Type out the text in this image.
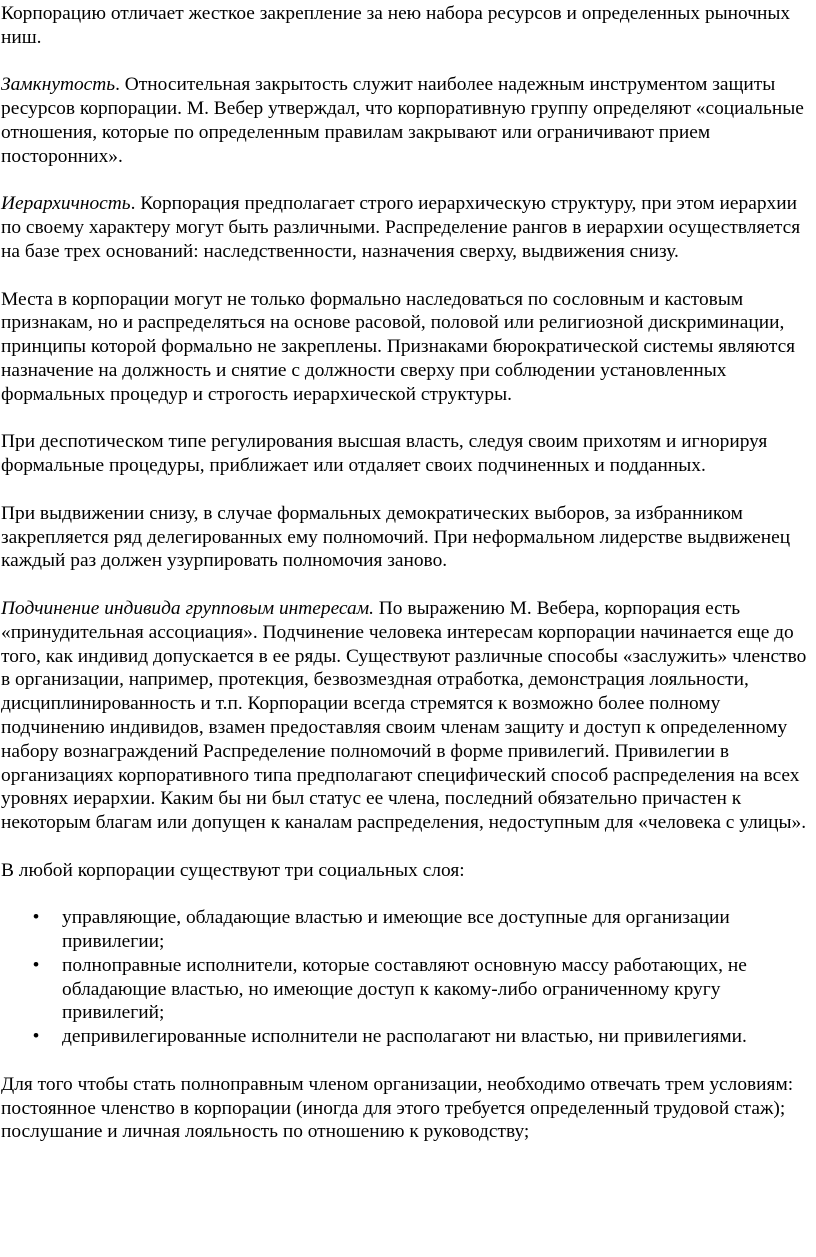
Корпорацию отличает жесткое закрепление за нею набора ресурсов и определенных рыночных ниш.

Замкнутость. Относительная закрытость служит наиболее надежным инструментом защиты ресурсов корпорации. М. Вебер утверждал, что корпоративную группу определяют «социальные отношения, которые по определенным правилам закрывают или ограничивают прием посторонних».

Иерархичность. Корпорация предполагает строго иерархическую структуру, при этом иерархии по своему характеру могут быть различными. Распределение рангов в иерархии осуществляется на базе трех оснований: наследственности, назначения сверху, выдвижения снизу.

Места в корпорации могут не только формально наследоваться по сословным и кастовым признакам, но и распределяться на основе расовой, половой или религиозной дискриминации, принципы которой формально не закреплены. Признаками бюрократической системы являются назначение на должность и снятие с должности сверху при соблюдении установленных формальных процедур и строгость иерархической структуры.

При деспотическом типе регулирования высшая власть, следуя своим прихотям и игнорируя формальные процедуры, приближает или отдаляет своих подчиненных и подданных.

При выдвижении снизу, в случае формальных демократических выборов, за избранником закрепляется ряд делегированных ему полномочий. При неформальном лидерстве выдвиженец каждый раз должен узурпировать полномочия заново.

Подчинение индивида групповым интересам. По выражению М. Вебера, корпорация есть «принудительная ассоциация». Подчинение человека интересам корпорации начинается еще до того, как индивид допускается в ее ряды. Существуют различные способы «заслужить» членство в организации, например, протекция, безвозмездная отработка, демонстрация лояльности, дисциплинированность и т.п. Корпорации всегда стремятся к возможно более полному подчинению индивидов, взамен предоставляя своим членам защиту и доступ к определенному набору вознаграждений Распределение полномочий в форме привилегий. Привилегии в организациях корпоративного типа предполагают специфический способ распределения на всех уровнях иерархии. Каким бы ни был статус ее члена, последний обязательно причастен к некоторым благам или допущен к каналам распределения, недоступным для «человека с улицы».

В любой корпорации существуют три социальных слоя:

• управляющие, обладающие властью и имеющие все доступные для организации привилегии;
• полноправные исполнители, которые составляют основную массу работающих, не обладающие властью, но имеющие доступ к какому-либо ограниченному кругу привилегий;
• депривилегированные исполнители не располагают ни властью, ни привилегиями.

Для того чтобы стать полноправным членом организации, необходимо отвечать трем условиям: постоянное членство в корпорации (иногда для этого требуется определенный трудовой стаж); послушание и личная лояльность по отношению к руководству;
